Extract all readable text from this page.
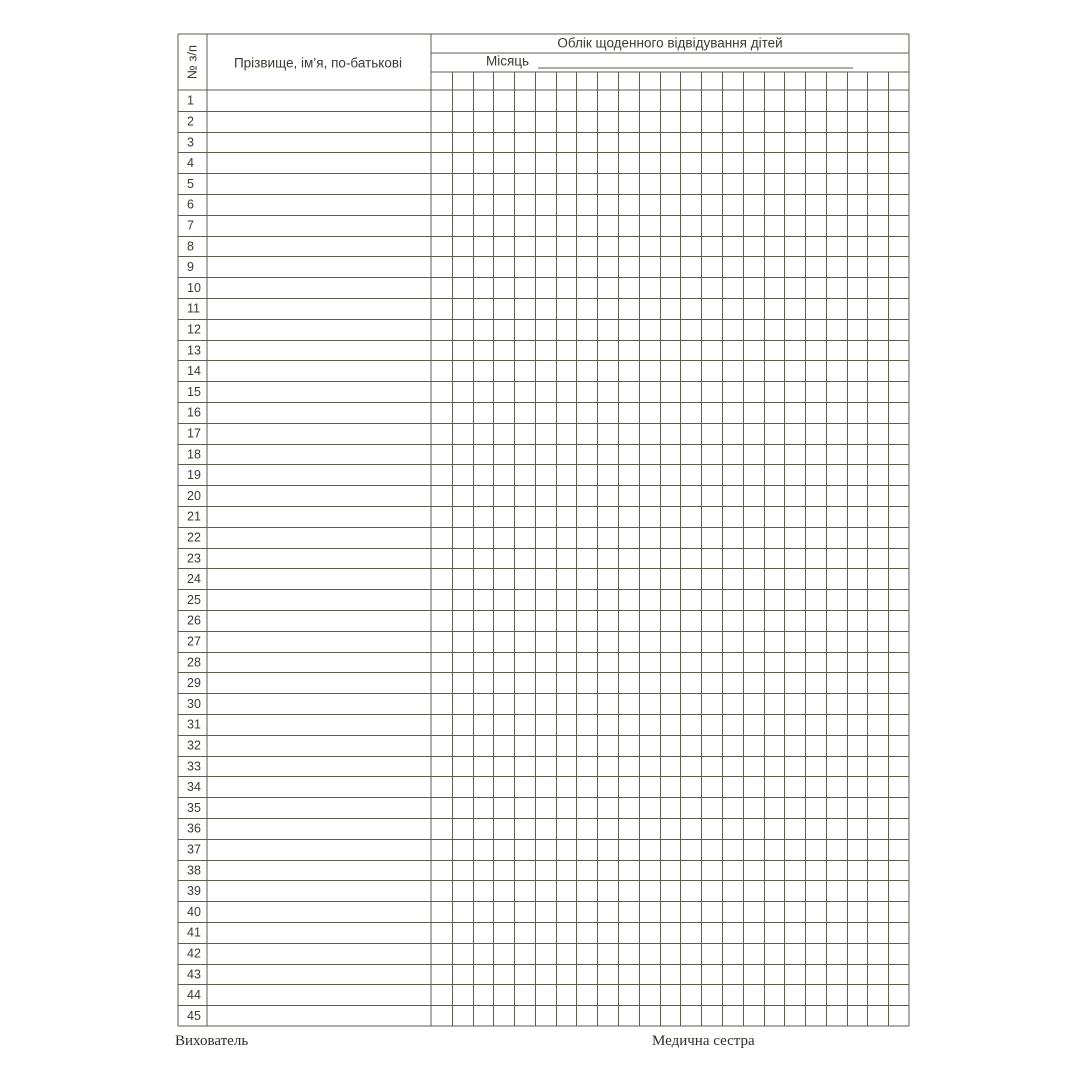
№ з/п	Прізвище, ім’я, по-батькові
Облік щоденного відвідування дітей
Місяць
1
2
3
4
5
6
7
8
9
10
11
12
13
14
15
16
17
18
19
20
21
22
23
24
25
26
27
28
29
30
31
32
33
34
35
36
37
38
39
40
41
42
43
44
45
Вихователь	Медична сестра
